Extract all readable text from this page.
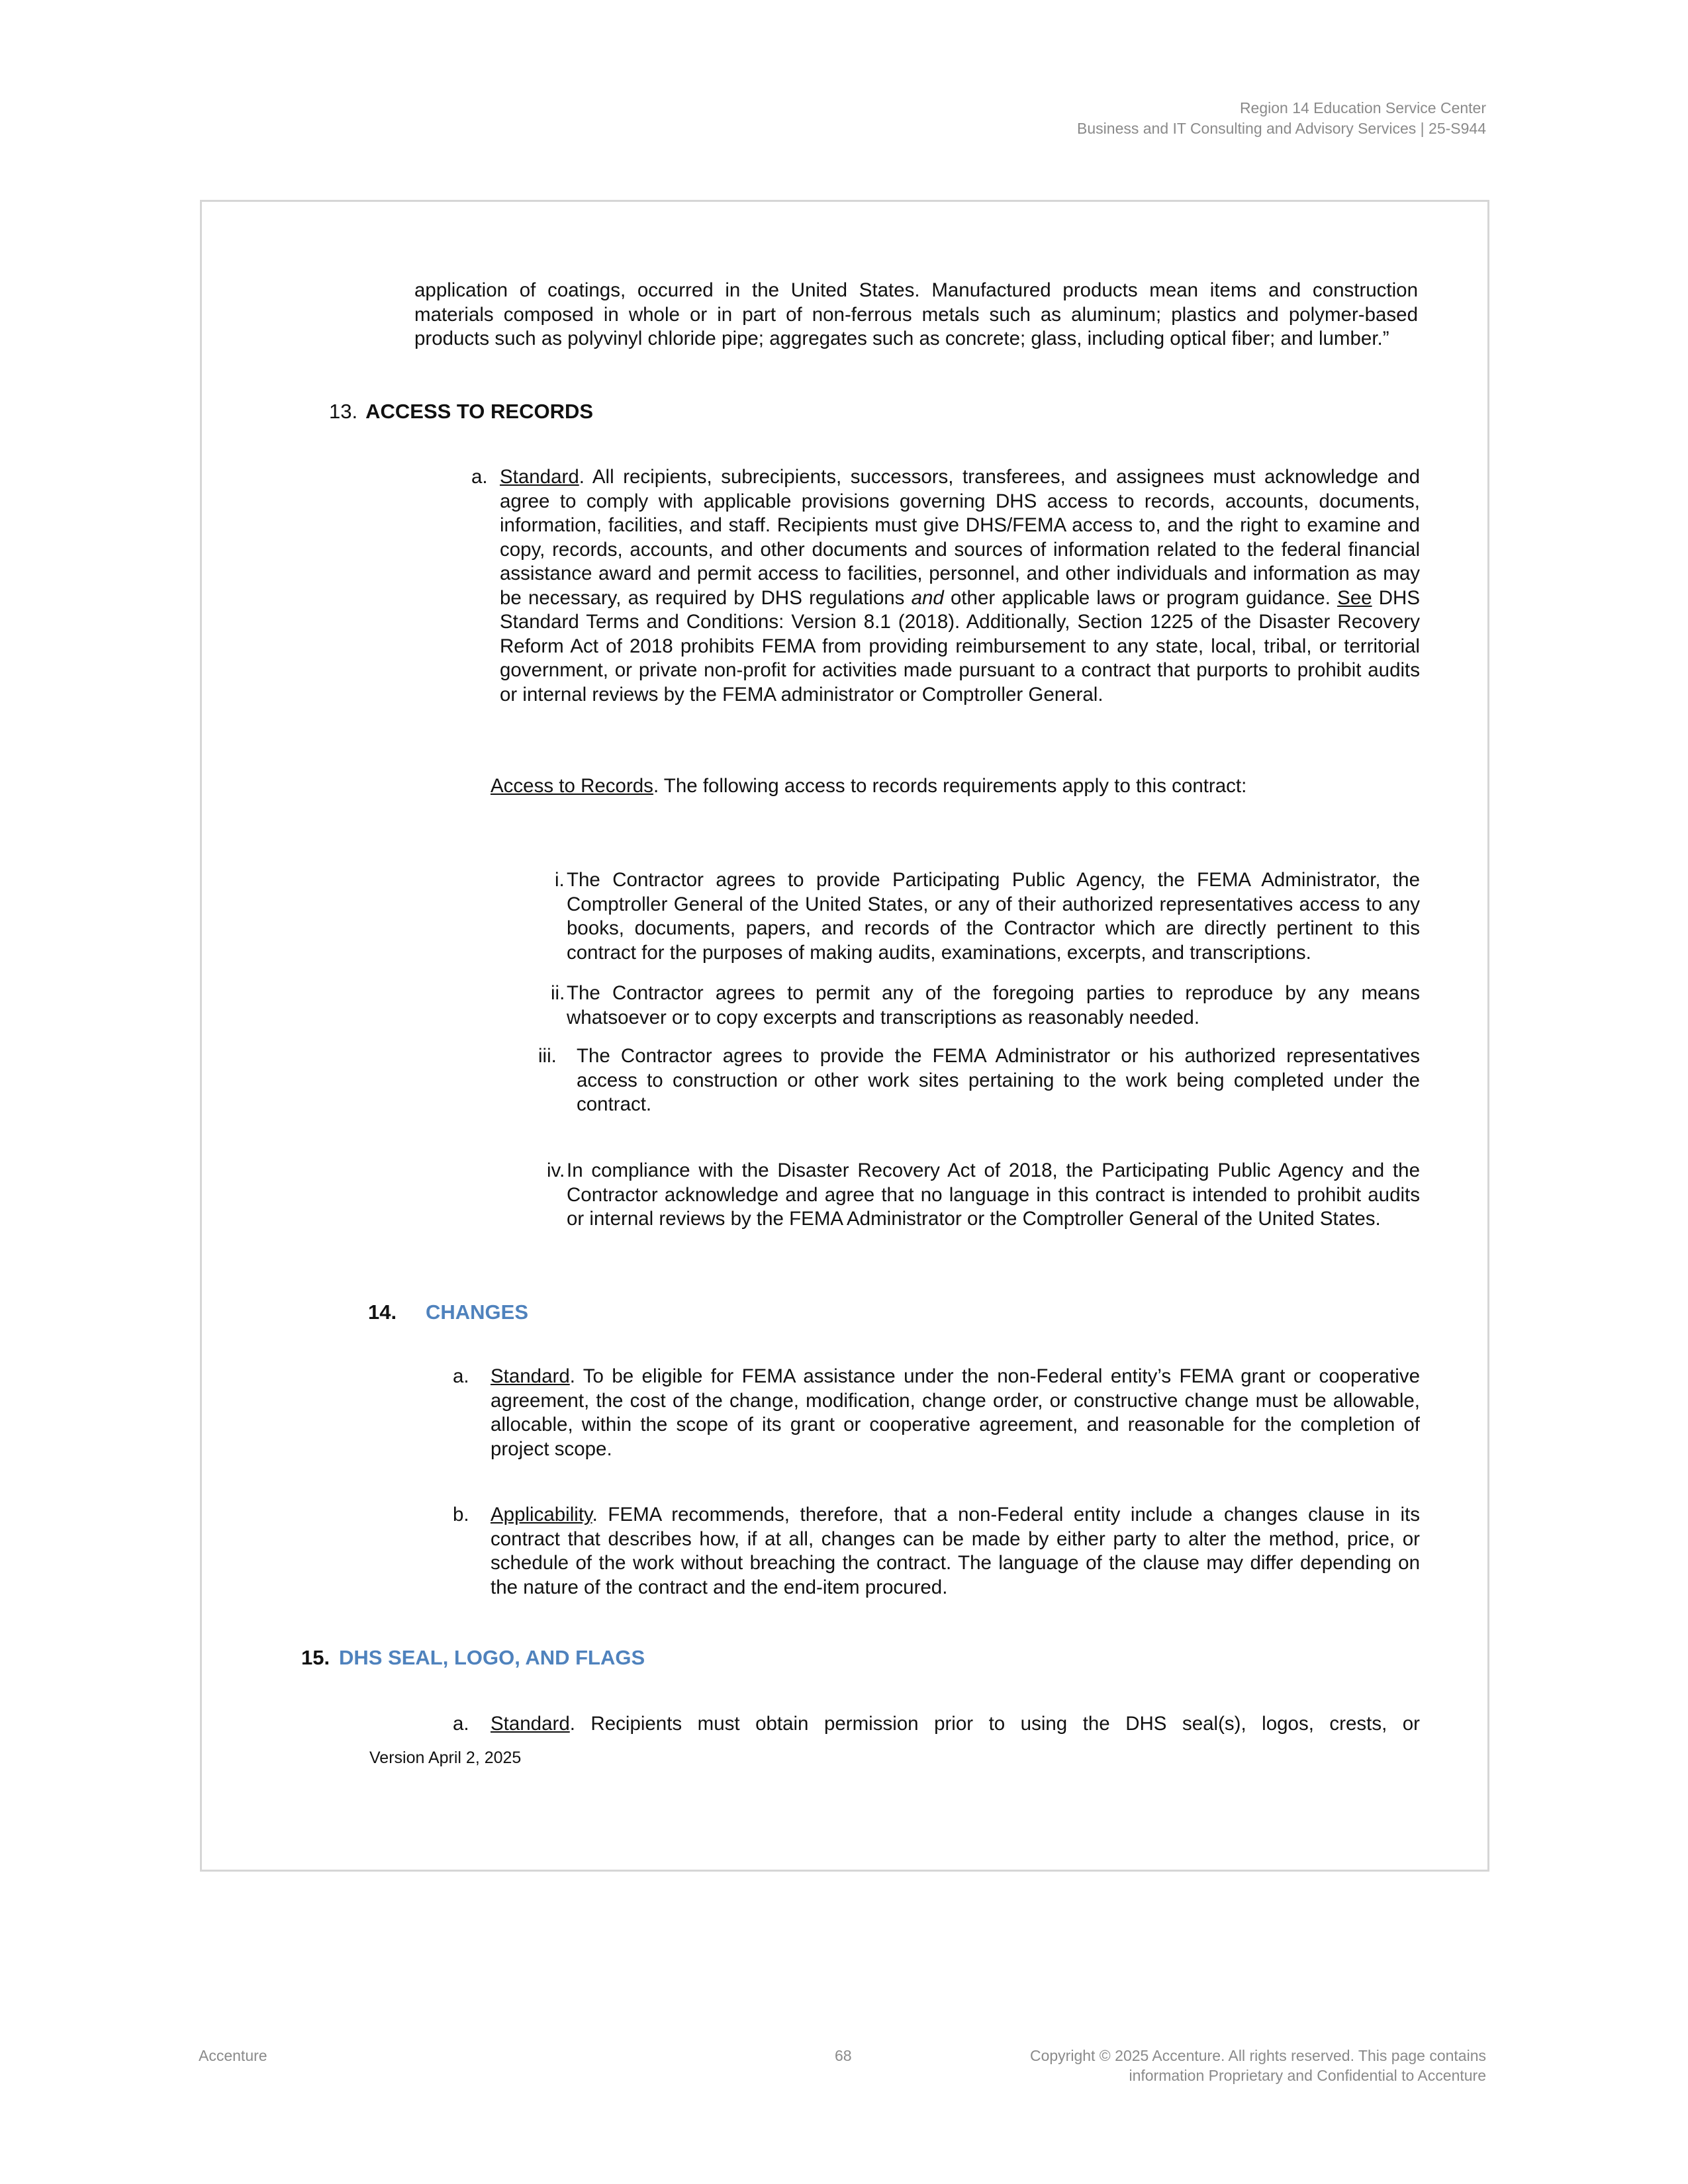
Region 14 Education Service Center
Business and IT Consulting and Advisory Services | 25-S944
application of coatings, occurred in the United States. Manufactured products mean items and construction materials composed in whole or in part of non-ferrous metals such as aluminum; plastics and polymer-based products such as polyvinyl chloride pipe; aggregates such as concrete; glass, including optical fiber; and lumber.”
13. ACCESS TO RECORDS
a. Standard. All recipients, subrecipients, successors, transferees, and assignees must acknowledge and agree to comply with applicable provisions governing DHS access to records, accounts, documents, information, facilities, and staff. Recipients must give DHS/FEMA access to, and the right to examine and copy, records, accounts, and other documents and sources of information related to the federal financial assistance award and permit access to facilities, personnel, and other individuals and information as may be necessary, as required by DHS regulations and other applicable laws or program guidance. See DHS Standard Terms and Conditions: Version 8.1 (2018). Additionally, Section 1225 of the Disaster Recovery Reform Act of 2018 prohibits FEMA from providing reimbursement to any state, local, tribal, or territorial government, or private non-profit for activities made pursuant to a contract that purports to prohibit audits or internal reviews by the FEMA administrator or Comptroller General.
Access to Records. The following access to records requirements apply to this contract:
i. The Contractor agrees to provide Participating Public Agency, the FEMA Administrator, the Comptroller General of the United States, or any of their authorized representatives access to any books, documents, papers, and records of the Contractor which are directly pertinent to this contract for the purposes of making audits, examinations, excerpts, and transcriptions.
ii. The Contractor agrees to permit any of the foregoing parties to reproduce by any means whatsoever or to copy excerpts and transcriptions as reasonably needed.
iii. The Contractor agrees to provide the FEMA Administrator or his authorized representatives access to construction or other work sites pertaining to the work being completed under the contract.
iv. In compliance with the Disaster Recovery Act of 2018, the Participating Public Agency and the Contractor acknowledge and agree that no language in this contract is intended to prohibit audits or internal reviews by the FEMA Administrator or the Comptroller General of the United States.
14. CHANGES
a. Standard. To be eligible for FEMA assistance under the non-Federal entity’s FEMA grant or cooperative agreement, the cost of the change, modification, change order, or constructive change must be allowable, allocable, within the scope of its grant or cooperative agreement, and reasonable for the completion of project scope.
b. Applicability. FEMA recommends, therefore, that a non-Federal entity include a changes clause in its contract that describes how, if at all, changes can be made by either party to alter the method, price, or schedule of the work without breaching the contract. The language of the clause may differ depending on the nature of the contract and the end-item procured.
15. DHS SEAL, LOGO, AND FLAGS
a. Standard. Recipients must obtain permission prior to using the DHS seal(s), logos, crests, or
Version April 2, 2025
Accenture	68	Copyright © 2025 Accenture. All rights reserved. This page contains
information Proprietary and Confidential to Accenture
